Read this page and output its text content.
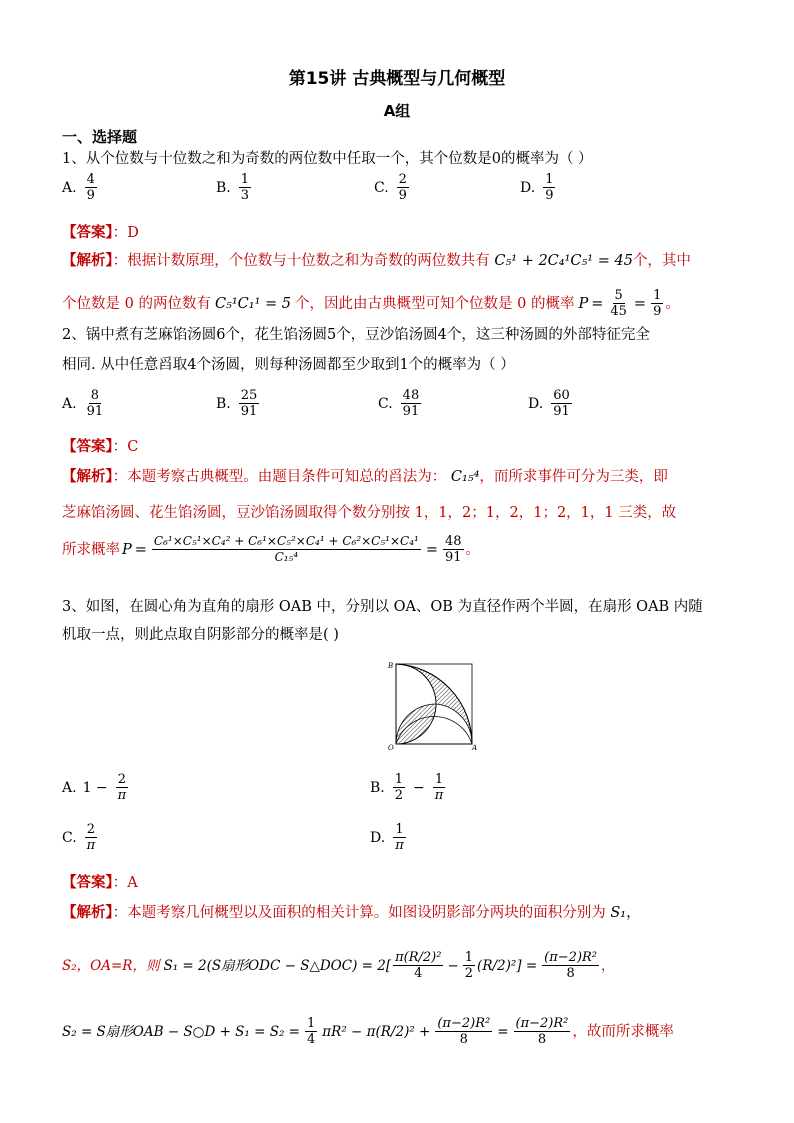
第15讲 古典概型与几何概型
A组
一、选择题
1、从个位数与十位数之和为奇数的两位数中任取一个，其个位数是0的概率为（ ）
A. $\frac{4}{9}$	B. $\frac{1}{3}$	C. $\frac{2}{9}$	D. $\frac{1}{9}$
【答案】：D
【解析】：根据计数原理，个位数与十位数之和为奇数的两位数共有 C₅¹ + 2C₄¹C₅¹ = 45个，其中
个位数是 0 的两位数有 C₅¹C₁¹ = 5 个，因此由古典概型可知个位数是 0 的概率 $P = \frac{5}{45} = \frac{1}{9}$ 。
2、锅中煮有芝麻馅汤圆6个，花生馅汤圆5个，豆沙馅汤圆4个，这三种汤圆的外部特征完全
相同. 从中任意舀取4个汤圆，则每种汤圆都至少取到1个的概率为（ ）
A. $\frac{8}{91}$	B. $\frac{25}{91}$	C. $\frac{48}{91}$	D. $\frac{60}{91}$
【答案】：C
【解析】：本题考察古典概型。由题目条件可知总的舀法为： C₁₅⁴，而所求事件可分为三类，即
芝麻馅汤圆、花生馅汤圆，豆沙馅汤圆取得个数分别按 1，1，2；1，2，1；2，1，1 三类，故
所求概率 $P = \frac{\text{C₆¹×C₅¹×C₄² + C₆¹×C₅²×C₄¹ + C₆²×C₅¹×C₄¹}}{\text{C₁₅⁴}} = \frac{48}{91}$ 。
3、如图，在圆心角为直角的扇形 OAB 中，分别以 OA、OB 为直径作两个半圆，在扇形 OAB 内随
机取一点，则此点取自阴影部分的概率是( )
B
O	A
A. $1 - \frac{2}{\pi}$	B. $\frac{1}{2} - \frac{1}{\pi}$
C. $\frac{2}{\pi}$	D. $\frac{1}{\pi}$
【答案】：A
【解析】：本题考察几何概型以及面积的相关计算。如图设阴影部分两块的面积分别为 S₁，
S₂，OA=R，则 S₁ = 2(S扇形ODC − S△DOC) = $2[ \frac{\text{π(R/2)²}}{4} - \frac{1}{2} (R/2)^2] = \frac{\text{(π−2)R²}}{8}$ ，
S₂ = S扇形OAB − S○D + $S_1 = S_2 = \frac{1}{4} \pi R^2 - \pi(R/2)^2 + \frac{\text{(π−2)R²}}{8} = \frac{\text{(π−2)R²}}{8}$ ，故而所求概率
